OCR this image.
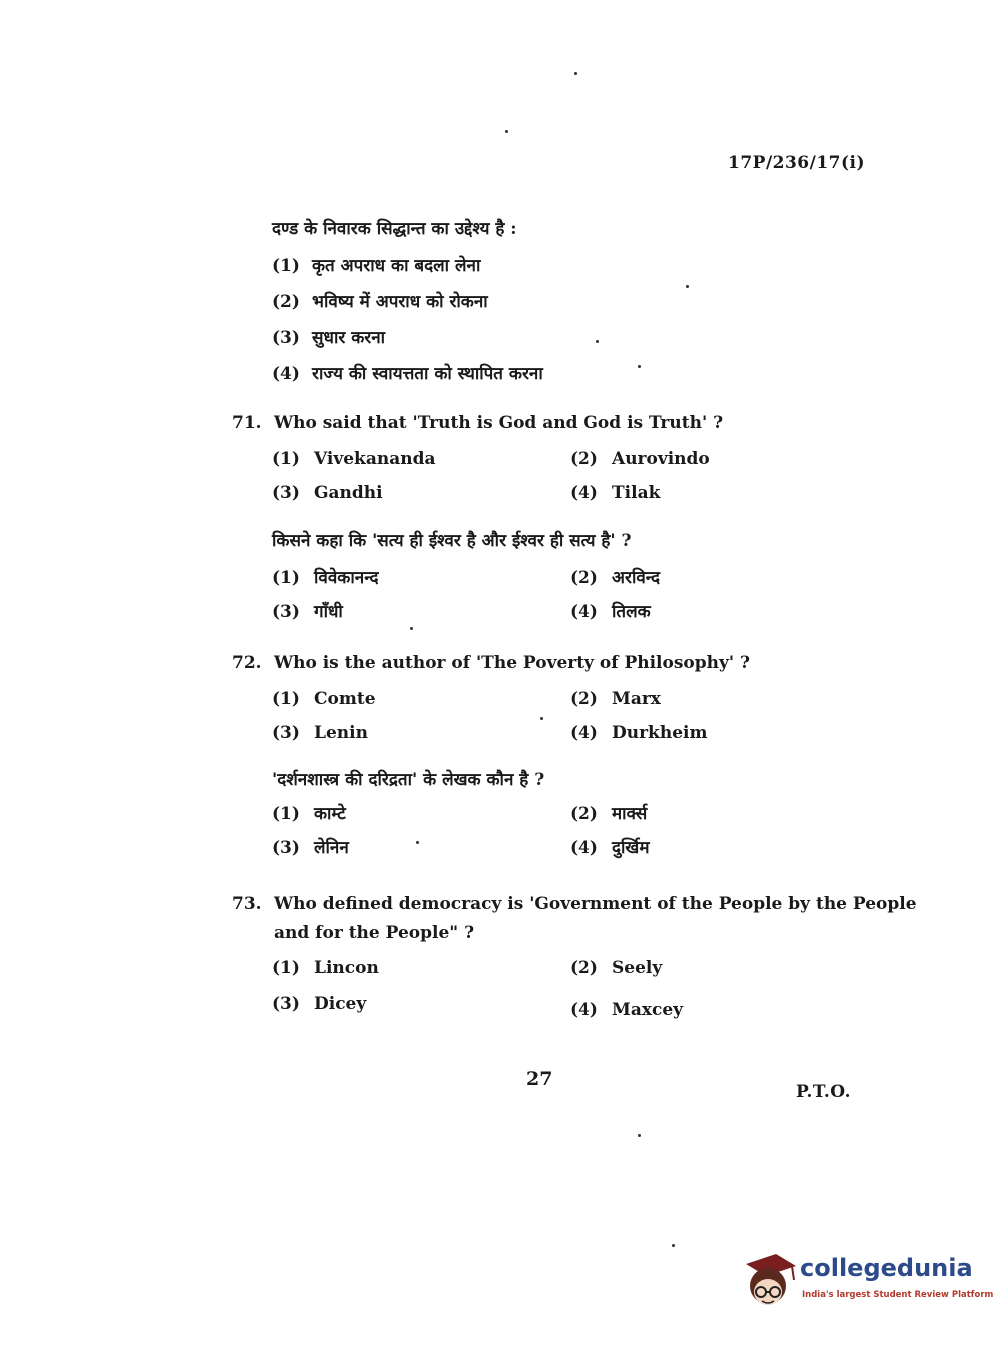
17P/236/17(i)
दण्ड के निवारक सिद्धान्त का उद्देश्य है :
(1) कृत अपराध का बदला लेना
(2) भविष्य में अपराध को रोकना
(3) सुधार करना
(4) राज्य की स्वायत्तता को स्थापित करना
71. Who said that 'Truth is God and God is Truth' ?
(1) Vivekananda	(2) Aurovindo
(3) Gandhi	(4) Tilak
किसने कहा कि 'सत्य ही ईश्वर है और ईश्वर ही सत्य है' ?
(1) विवेकानन्द	(2) अरविन्द
(3) गाँधी	(4) तिलक
72. Who is the author of 'The Poverty of Philosophy' ?
(1) Comte	(2) Marx
(3) Lenin	(4) Durkheim
'दर्शनशास्त्र की दरिद्रता' के लेखक कौन है ?
(1) काम्टे	(2) मार्क्स
(3) लेनिन	(4) दुर्खिम
73. Who defined democracy is 'Government of the People by the People
and for the People" ?
(1) Lincon	(2) Seely
(3) Dicey	(4) Maxcey
27
P.T.O.
collegedunia
India's largest Student Review Platform
